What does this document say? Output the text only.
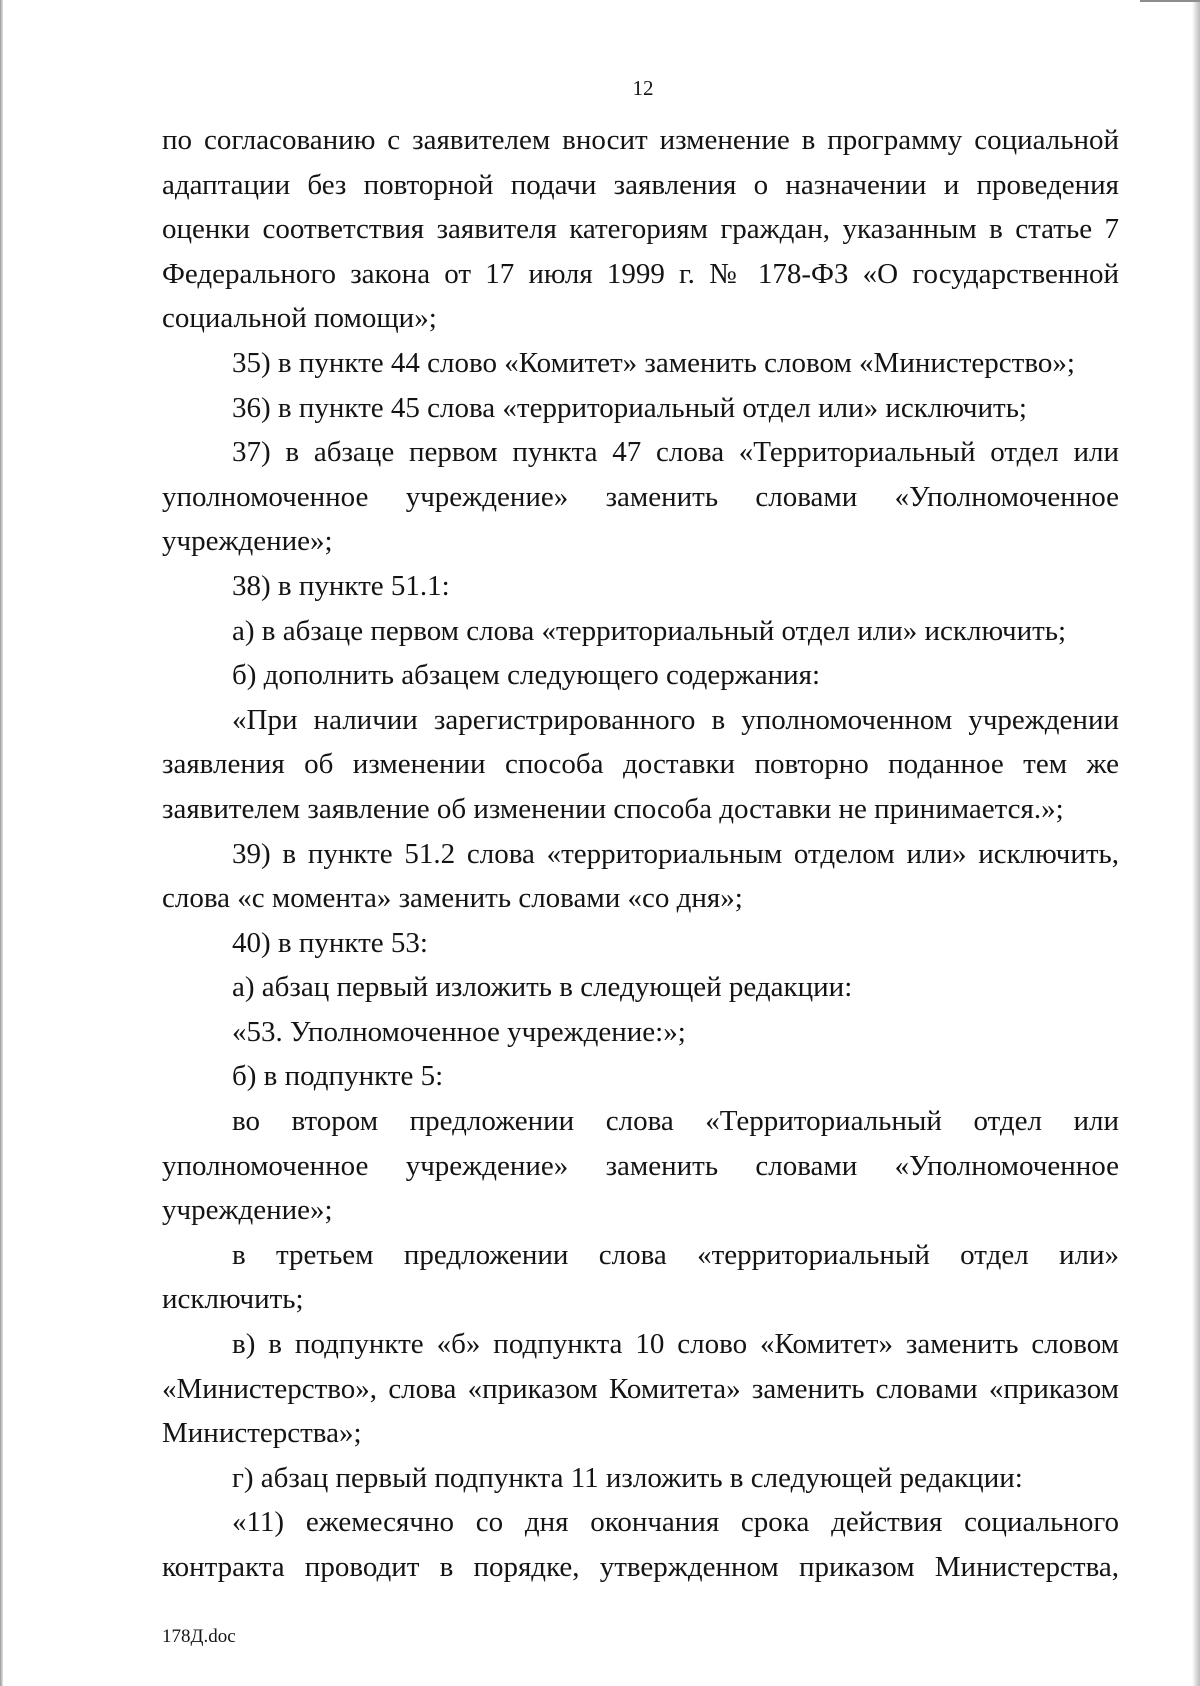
12

по согласованию с заявителем вносит изменение в программу социальной адаптации без повторной подачи заявления о назначении и проведения оценки соответствия заявителя категориям граждан, указанным в статье 7 Федерального закона от 17 июля 1999 г. № 178-ФЗ «О государственной социальной помощи»;

35) в пункте 44 слово «Комитет» заменить словом «Министерство»;

36) в пункте 45 слова «территориальный отдел или» исключить;

37) в абзаце первом пункта 47 слова «Территориальный отдел или уполномоченное учреждение» заменить словами «Уполномоченное учреждение»;

38) в пункте 51.1:

а) в абзаце первом слова «территориальный отдел или» исключить;

б) дополнить абзацем следующего содержания:

«При наличии зарегистрированного в уполномоченном учреждении заявления об изменении способа доставки повторно поданное тем же заявителем заявление об изменении способа доставки не принимается.»;

39) в пункте 51.2 слова «территориальным отделом или» исключить, слова «с момента» заменить словами «со дня»;

40) в пункте 53:

а) абзац первый изложить в следующей редакции:

«53. Уполномоченное учреждение:»;

б) в подпункте 5:

во втором предложении слова «Территориальный отдел или уполномоченное учреждение» заменить словами «Уполномоченное учреждение»;

в третьем предложении слова «территориальный отдел или» исключить;

в) в подпункте «б» подпункта 10 слово «Комитет» заменить словом «Министерство», слова «приказом Комитета» заменить словами «приказом Министерства»;

г) абзац первый подпункта 11 изложить в следующей редакции:

«11) ежемесячно со дня окончания срока действия социального контракта проводит в порядке, утвержденном приказом Министерства,

178Д.doc
